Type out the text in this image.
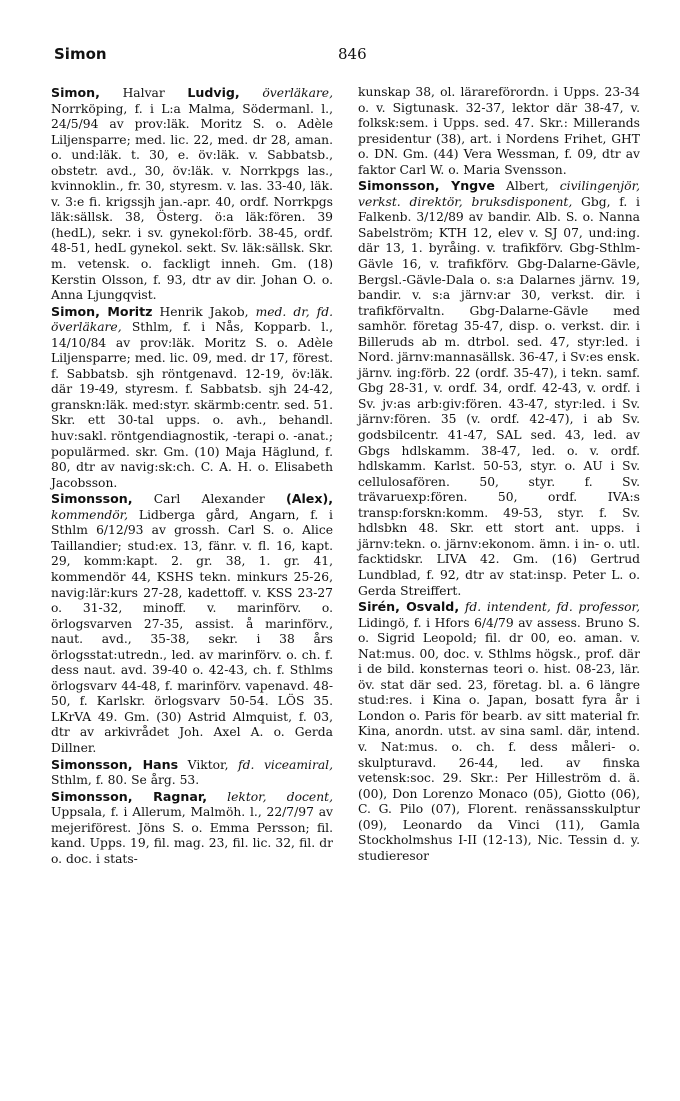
Simon	846

Simon, Halvar Ludvig, överläkare, Norrköping, f. i L:a Malma, Södermanl. l., 24/5/94 av prov:läk. Moritz S. o. Adèle Liljensparre; med. lic. 22, med. dr 28, aman. o. und:läk. t. 30, e. öv:läk. v. Sabbatsb., obstetr. avd., 30, öv:läk. v. Norrkpgs las., kvinnoklin., fr. 30, styresm. v. las. 33-40, läk. v. 3:e fi. krigssjh jan.-apr. 40, ordf. Norrkpgs läk:sällsk. 38, Österg. ö:a läk:fören. 39 (hedL), sekr. i sv. gynekol:förb. 38-45, ordf. 48-51, hedL gynekol. sekt. Sv. läk:sällsk. Skr. m. vetensk. o. fackligt inneh. Gm. (18) Kerstin Olsson, f. 93, dtr av dir. Johan O. o. Anna Ljungqvist.

Simon, Moritz Henrik Jakob, med. dr, fd. överläkare, Sthlm, f. i Nås, Kopparb. l., 14/10/84 av prov:läk. Moritz S. o. Adèle Liljensparre; med. lic. 09, med. dr 17, förest. f. Sabbatsb. sjh röntgenavd. 12-19, öv:läk. där 19-49, styresm. f. Sabbatsb. sjh 24-42, granskn:läk. med:styr. skärmb:centr. sed. 51. Skr. ett 30-tal upps. o. avh., behandl. huv:sakl. röntgendiagnostik, -terapi o. -anat.; populärmed. skr. Gm. (10) Maja Häglund, f. 80, dtr av navig:sk:ch. C. A. H. o. Elisabeth Jacobsson.

Simonsson, Carl Alexander (Alex), kommendör, Lidberga gård, Angarn, f. i Sthlm 6/12/93 av grossh. Carl S. o. Alice Taillandier; stud:ex. 13, fänr. v. fl. 16, kapt. 29, komm:kapt. 2. gr. 38, 1. gr. 41, kommendör 44, KSHS tekn. minkurs 25-26, navig:lär:kurs 27-28, kadettoff. v. KSS 23-27 o. 31-32, minoff. v. marinförv. o. örlogsvarven 27-35, assist. å marinförv., naut. avd., 35-38, sekr. i 38 års örlogsstat:utredn., led. av marinförv. o. ch. f. dess naut. avd. 39-40 o. 42-43, ch. f. Sthlms örlogsvarv 44-48, f. marinförv. vapenavd. 48-50, f. Karlskr. örlogsvarv 50-54. LÖS 35. LKrVA 49. Gm. (30) Astrid Almquist, f. 03, dtr av arkivrådet Joh. Axel A. o. Gerda Dillner.

Simonsson, Hans Viktor, fd. viceamiral, Sthlm, f. 80. Se årg. 53.

Simonsson, Ragnar, lektor, docent, Uppsala, f. i Allerum, Malmöh. l., 22/7/97 av mejeriförest. Jöns S. o. Emma Persson; fil. kand. Upps. 19, fil. mag. 23, fil. lic. 32, fil. dr o. doc. i stats-

kunskap 38, ol. lärareförordn. i Upps. 23-34 o. v. Sigtunask. 32-37, lektor där 38-47, v. folksk:sem. i Upps. sed. 47. Skr.: Millerands presidentur (38), art. i Nordens Frihet, GHT o. DN. Gm. (44) Vera Wessman, f. 09, dtr av faktor Carl W. o. Maria Svensson.

Simonsson, Yngve Albert, civilingenjör, verkst. direktör, bruksdisponent, Gbg, f. i Falkenb. 3/12/89 av bandir. Alb. S. o. Nanna Sabelström; KTH 12, elev v. SJ 07, und:ing. där 13, 1. byråing. v. trafikförv. Gbg-Sthlm-Gävle 16, v. trafikförv. Gbg-Dalarne-Gävle, Bergsl.-Gävle-Dala o. s:a Dalarnes järnv. 19, bandir. v. s:a järnv:ar 30, verkst. dir. i trafikförvaltn. Gbg-Dalarne-Gävle med samhör. företag 35-47, disp. o. verkst. dir. i Billeruds ab m. dtrbol. sed. 47, styr:led. i Nord. järnv:mannasällsk. 36-47, i Sv:es ensk. järnv. ing:förb. 22 (ordf. 35-47), i tekn. samf. Gbg 28-31, v. ordf. 34, ordf. 42-43, v. ordf. i Sv. jv:as arb:giv:fören. 43-47, styr:led. i Sv. järnv:fören. 35 (v. ordf. 42-47), i ab Sv. godsbilcentr. 41-47, SAL sed. 43, led. av Gbgs hdlskamm. 38-47, led. o. v. ordf. hdlskamm. Karlst. 50-53, styr. o. AU i Sv. cellulosafören. 50, styr. f. Sv. trävaruexp:fören. 50, ordf. IVA:s transp:forskn:komm. 49-53, styr. f. Sv. hdlsbkn 48. Skr. ett stort ant. upps. i järnv:tekn. o. järnv:ekonom. ämn. i in- o. utl. facktidskr. LIVA 42. Gm. (16) Gertrud Lundblad, f. 92, dtr av stat:insp. Peter L. o. Gerda Streiffert.

Sirén, Osvald, fd. intendent, fd. professor, Lidingö, f. i Hfors 6/4/79 av assess. Bruno S. o. Sigrid Leopold; fil. dr 00, eo. aman. v. Nat:mus. 00, doc. v. Sthlms högsk., prof. där i de bild. konsternas teori o. hist. 08-23, lär. öv. stat där sed. 23, företag. bl. a. 6 längre stud:res. i Kina o. Japan, bosatt fyra år i London o. Paris för bearb. av sitt material fr. Kina, anordn. utst. av sina saml. där, intend. v. Nat:mus. o. ch. f. dess måleri- o. skulpturavd. 26-44, led. av finska vetensk:soc. 29. Skr.: Per Hilleström d. ä. (00), Don Lorenzo Monaco (05), Giotto (06), C. G. Pilo (07), Florent. renässansskulptur (09), Leonardo da Vinci (11), Gamla Stockholmshus I-II (12-13), Nic. Tessin d. y. studieresor
